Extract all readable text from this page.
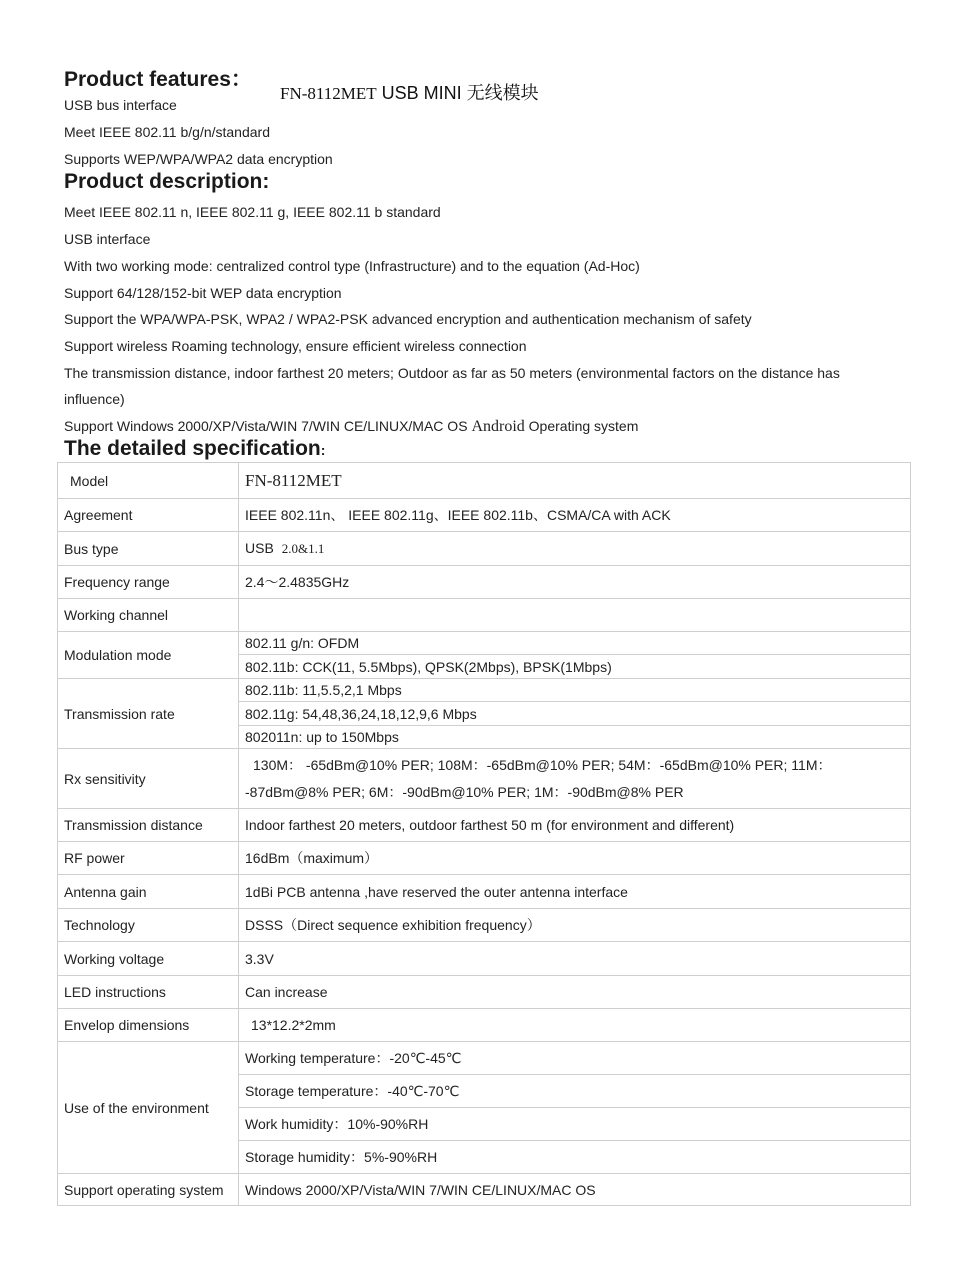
Product features：
FN-8112MET USB MINI 无线模块
USB bus interface
Meet IEEE 802.11 b/g/n/standard
Supports WEP/WPA/WPA2 data encryption
Product description:
Meet IEEE 802.11 n, IEEE 802.11 g, IEEE 802.11 b standard
USB interface
With two working mode: centralized control type (Infrastructure) and to the equation (Ad-Hoc)
Support 64/128/152-bit WEP data encryption
Support the WPA/WPA-PSK, WPA2 / WPA2-PSK advanced encryption and authentication mechanism of safety
Support wireless Roaming technology, ensure efficient wireless connection
The transmission distance, indoor farthest 20 meters; Outdoor as far as 50 meters (environmental factors on the distance has
influence)
Support Windows 2000/XP/Vista/WIN 7/WIN CE/LINUX/MAC OS Android Operating system
The detailed specification:
Model	FN-8112MET
Agreement	IEEE 802.11n、 IEEE 802.11g、IEEE 802.11b、CSMA/CA with ACK
Bus type	USB 2.0&1.1
Frequency range	2.4～2.4835GHz
Working channel	
Modulation mode	802.11 g/n: OFDM
	802.11b: CCK(11, 5.5Mbps), QPSK(2Mbps), BPSK(1Mbps)
Transmission rate	802.11b: 11,5.5,2,1 Mbps
	802.11g: 54,48,36,24,18,12,9,6 Mbps
	802011n: up to 150Mbps
Rx sensitivity	130M： -65dBm@10% PER; 108M：-65dBm@10% PER; 54M：-65dBm@10% PER; 11M：
-87dBm@8% PER; 6M：-90dBm@10% PER; 1M：-90dBm@8% PER

Transmission distance	Indoor farthest 20 meters, outdoor farthest 50 m (for environment and different)
RF power	16dBm（maximum）
Antenna gain	1dBi PCB antenna ,have reserved the outer antenna interface
Technology	DSSS（Direct sequence exhibition frequency）
Working voltage	3.3V
LED instructions	Can increase
Envelop dimensions	13*12.2*2mm
Use of the environment	Working temperature：-20℃-45℃
	Storage temperature：-40℃-70℃
	Work humidity：10%-90%RH
	Storage humidity：5%-90%RH
Support operating system	Windows 2000/XP/Vista/WIN 7/WIN CE/LINUX/MAC OS
